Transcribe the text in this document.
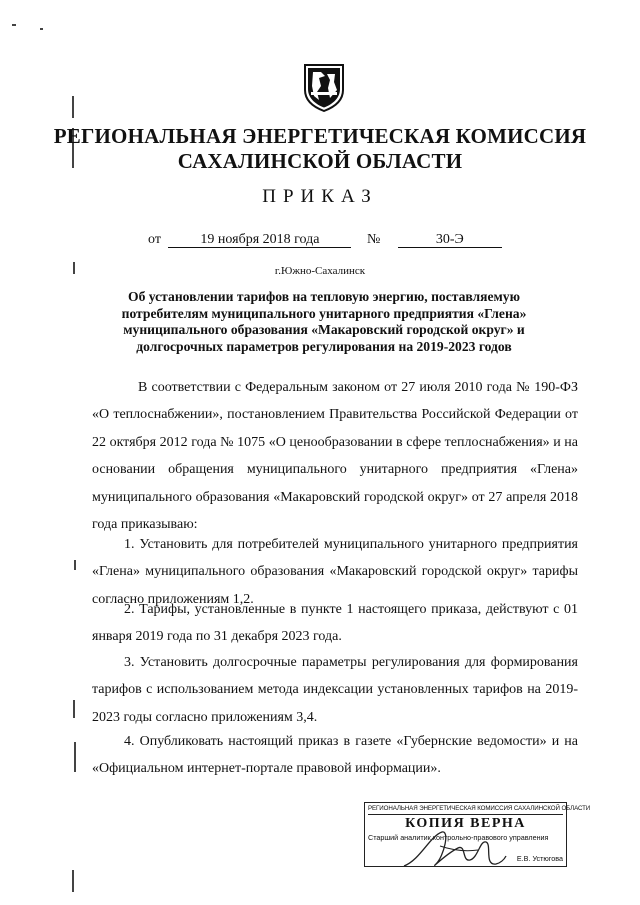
РЕГИОНАЛЬНАЯ ЭНЕРГЕТИЧЕСКАЯ КОМИССИЯ
САХАЛИНСКОЙ ОБЛАСТИ
ПРИКАЗ
от	19 ноября 2018 года	№	30-Э
г.Южно-Сахалинск
Об установлении тарифов на тепловую энергию, поставляемую потребителям муниципального унитарного предприятия «Глена» муниципального образования «Макаровский городской округ» и долгосрочных параметров регулирования на 2019-2023 годов
В соответствии с Федеральным законом от 27 июля 2010 года № 190-ФЗ «О теплоснабжении», постановлением Правительства Российской Федерации от 22 октября 2012 года № 1075 «О ценообразовании в сфере теплоснабжения» и на основании обращения муниципального унитарного предприятия «Глена» муниципального образования «Макаровский городской округ» от 27 апреля 2018 года приказываю:
1. Установить для потребителей муниципального унитарного предприятия «Глена» муниципального образования «Макаровский городской округ» тарифы согласно приложениям 1,2.
2. Тарифы, установленные в пункте 1 настоящего приказа, действуют с 01 января 2019 года по 31 декабря 2023 года.
3. Установить долгосрочные параметры регулирования для формирования тарифов с использованием метода индексации установленных тарифов на 2019-2023 годы согласно приложениям 3,4.
4. Опубликовать настоящий приказ в газете «Губернские ведомости» и на «Официальном интернет-портале правовой информации».
РЕГИОНАЛЬНАЯ ЭНЕРГЕТИЧЕСКАЯ КОМИССИЯ САХАЛИНСКОЙ ОБЛАСТИ
КОПИЯ ВЕРНА
Старший аналитик контрольно-правового управления
Е.В. Устюгова
